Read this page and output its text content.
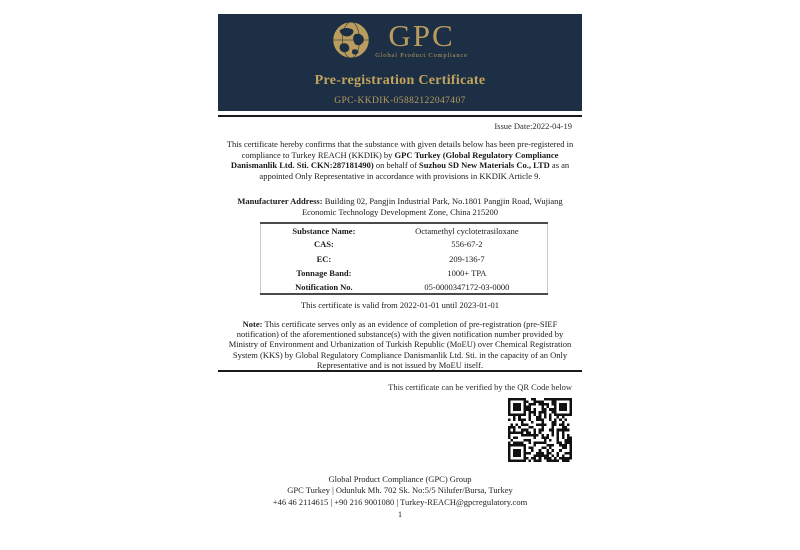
GPC
Global Product Compliance
Pre-registration Certificate
GPC-KKDIK-05882122047407
Issue Date:2022-04-19
This certificate hereby confirms that the substance with given details below has been pre-registered in compliance to Turkey REACH (KKDIK) by GPC Turkey (Global Regulatory Compliance Danismanlik Ltd. Sti. CKN:287181490) on behalf of Suzhou SD New Materials Co., LTD as an appointed Only Representative in accordance with provisions in KKDIK Article 9.
Manufacturer Address: Building 02, Pangjin Industrial Park, No.1801 Pangjin Road, Wujiang Economic Technology Development Zone, China 215200
Substance Name:	Octamethyl cyclotetrasiloxane
CAS:	556-67-2
EC:	209-136-7
Tonnage Band:	1000+ TPA
Notification No.	05-0000347172-03-0000
This certificate is valid from 2022-01-01 until 2023-01-01
Note: This certificate serves only as an evidence of completion of pre-registration (pre-SIEF notification) of the aforementioned substance(s) with the given notification number provided by Ministry of Environment and Urbanization of Turkish Republic (MoEU) over Chemical Registration System (KKS) by Global Regulatory Compliance Danismanlik Ltd. Sti. in the capacity of an Only Representative and is not issued by MoEU itself.
This certificate can be verified by the QR Code below
Global Product Compliance (GPC) Group
GPC Turkey | Odunluk Mh. 702 Sk. No:5/5 Nilufer/Bursa, Turkey
+46 46 2114615 | +90 216 9001080 | Turkey-REACH@gpcregulatory.com
1
